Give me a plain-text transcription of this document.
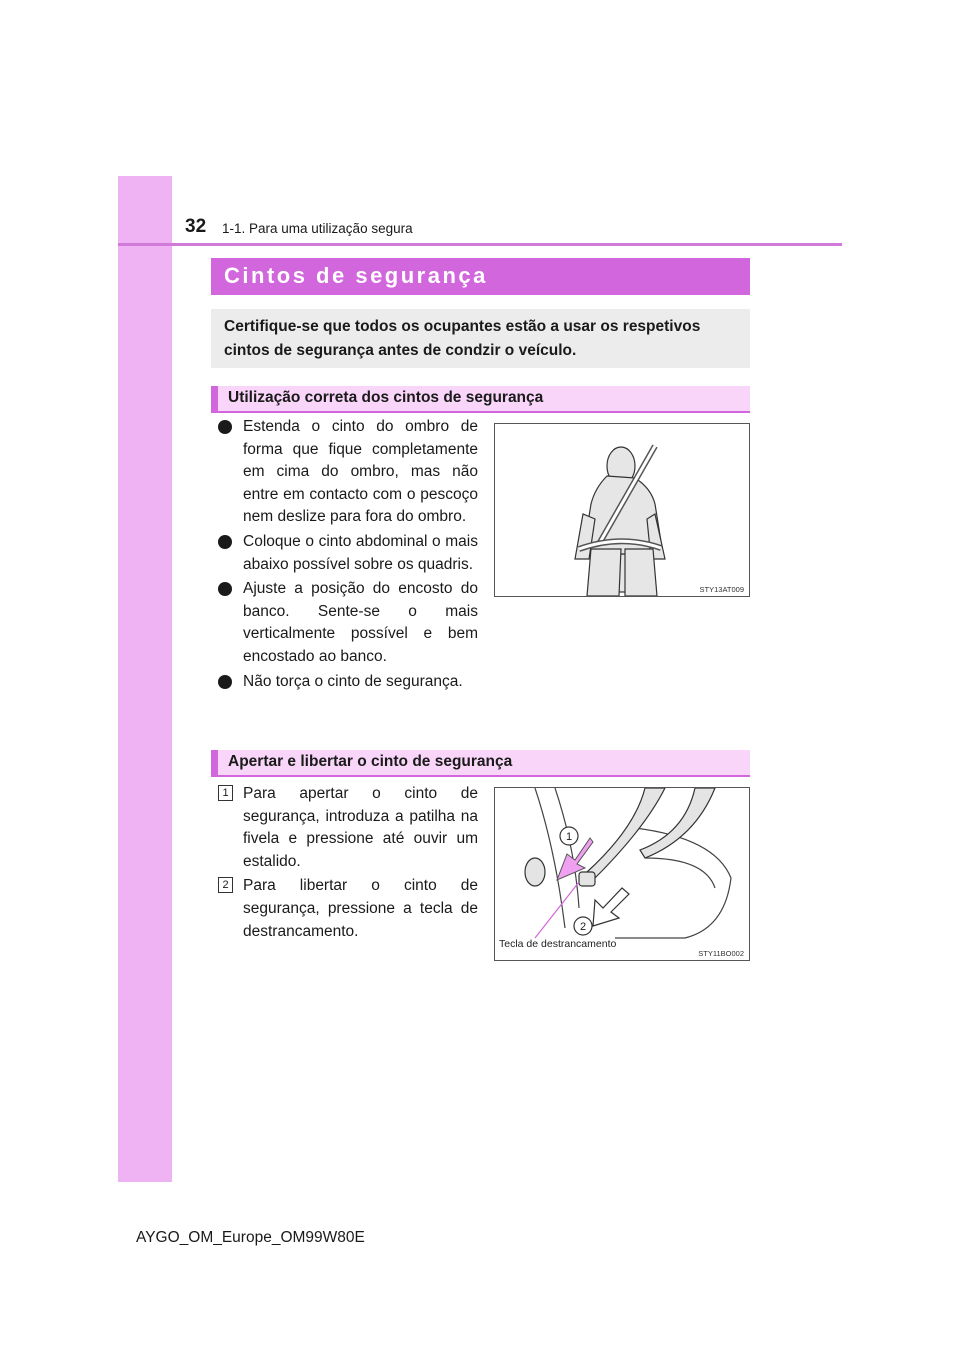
32 1-1. Para uma utilização segura
Cintos de segurança
Certifique-se que todos os ocupantes estão a usar os respetivos cintos de segurança antes de condzir o veículo.
Utilização correta dos cintos de segurança
Estenda o cinto do ombro de forma que fique completamente em cima do ombro, mas não entre em contacto com o pescoço nem deslize para fora do ombro.
Coloque o cinto abdominal o mais abaixo possível sobre os quadris.
Ajuste a posição do encosto do banco. Sente-se o mais verticalmente possível e bem encostado ao banco.
Não torça o cinto de segurança.
STY13AT009
Apertar e libertar o cinto de segurança
1 Para apertar o cinto de segurança, introduza a patilha na fivela e pressione até ouvir um estalido.
2 Para libertar o cinto de segurança, pressione a tecla de destrancamento.
1
2
Tecla de destrancamento
STY11BO002
AYGO_OM_Europe_OM99W80E
